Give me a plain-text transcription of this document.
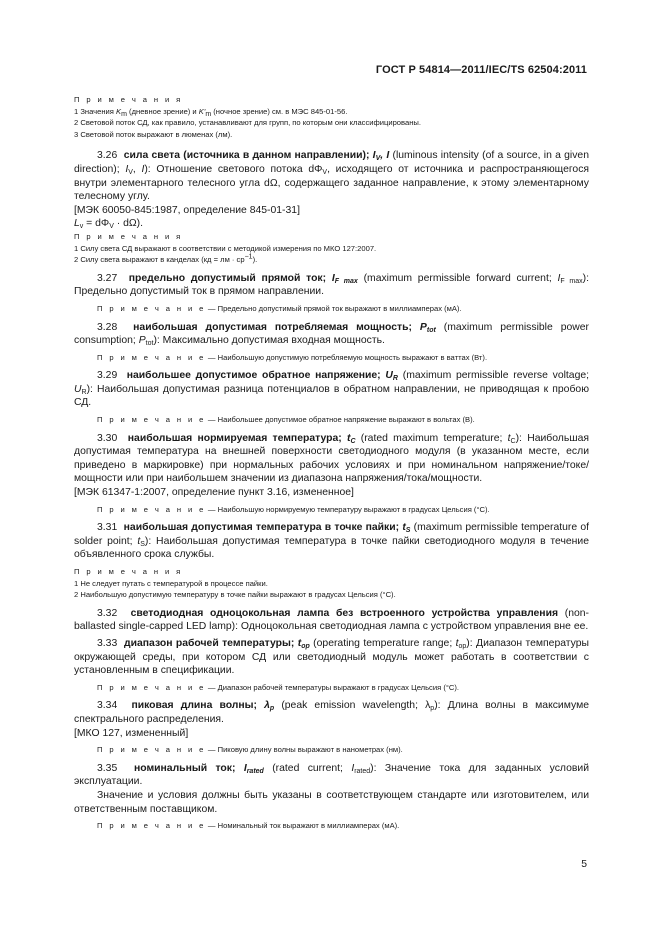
ГОСТ Р 54814—2011/IEC/TS 62504:2011

П р и м е ч а н и я

1 Значения $K_m$ (дневное зрение) и $K'_m$ (ночное зрение) см. в МЭС 845-01-56.

2 Световой поток СД, как правило, устанавливают для групп, по которым они классифицированы.

3 Световой поток выражают в люменах (лм).

3.26 сила света (источника в данном направлении); $I_V$, I (luminous intensity (of a source, in a given direction); $I_V$, I): Отношение светового потока $d\Phi_V$, исходящего от источника и распространяющегося внутри элементарного телесного угла dΩ, содержащего заданное направление, к этому элементарному телесному углу.

[МЭК 60050-845:1987, определение 845-01-31]

$L_v = d\Phi_V \cdot d\Omega$).

П р и м е ч а н и я

1 Силу света СД выражают в соответствии с методикой измерения по МКО 127:2007.

2 Силу света выражают в канделах (кд = лм · $ср^{-1}$).

3.27 предельно допустимый прямой ток; $I_{F max}$ (maximum permissible forward current; $I_{F max}$): Предельно допустимый ток в прямом направлении.

П р и м е ч а н и е — Предельно допустимый прямой ток выражают в миллиамперах (мА).

3.28 наибольшая допустимая потребляемая мощность; $P_{tot}$ (maximum permissible power consumption; $P_{tot}$): Максимально допустимая входная мощность.

П р и м е ч а н и е — Наибольшую допустимую потребляемую мощность выражают в ваттах (Вт).

3.29 наибольшее допустимое обратное напряжение; $U_R$ (maximum permissible reverse voltage; $U_R$): Наибольшая допустимая разница потенциалов в обратном направлении, не приводящая к пробою СД.

П р и м е ч а н и е — Наибольшее допустимое обратное напряжение выражают в вольтах (В).

3.30 наибольшая нормируемая температура; $t_C$ (rated maximum temperature; $t_C$): Наибольшая допустимая температура на внешней поверхности светодиодного модуля (в указанном месте, если приведено в маркировке) при нормальных рабочих условиях и при номинальном напряжение/токе/мощности или при наибольшем значении из диапазона напряжения/тока/мощности.

[МЭК 61347-1:2007, определение пункт 3.16, измененное]

П р и м е ч а н и е — Наибольшую нормируемую температуру выражают в градусах Цельсия (°С).

3.31 наибольшая допустимая температура в точке пайки; $t_S$ (maximum permissible temperature of solder point; $t_S$): Наибольшая допустимая температура в точке пайки светодиодного модуля в течение объявленного срока службы.

П р и м е ч а н и я

1 Не следует путать с температурой в процессе пайки.

2 Наибольшую допустимую температуру в точке пайки выражают в градусах Цельсия (°С).

3.32 светодиодная одноцокольная лампа без встроенного устройства управления (non-ballasted single-capped LED lamp): Одноцокольная светодиодная лампа с устройством управления вне ее.

3.33 диапазон рабочей температуры; $t_{op}$ (operating temperature range; $t_{op}$): Диапазон температуры окружающей среды, при котором СД или светодиодный модуль может работать в соответствии с установленным в спецификации.

П р и м е ч а н и е — Диапазон рабочей температуры выражают в градусах Цельсия (°С).

3.34 пиковая длина волны; $\lambda_p$ (peak emission wavelength; $\lambda_p$): Длина волны в максимуме спектрального распределения.

[МКО 127, измененный]

П р и м е ч а н и е — Пиковую длину волны выражают в нанометрах (нм).

3.35 номинальный ток; $I_{rated}$ (rated current; $I_{rated}$): Значение тока для заданных условий эксплуатации.

Значение и условия должны быть указаны в соответствующем стандарте или изготовителем, или ответственным поставщиком.

П р и м е ч а н и е — Номинальный ток выражают в миллиамперах (мА).

5
